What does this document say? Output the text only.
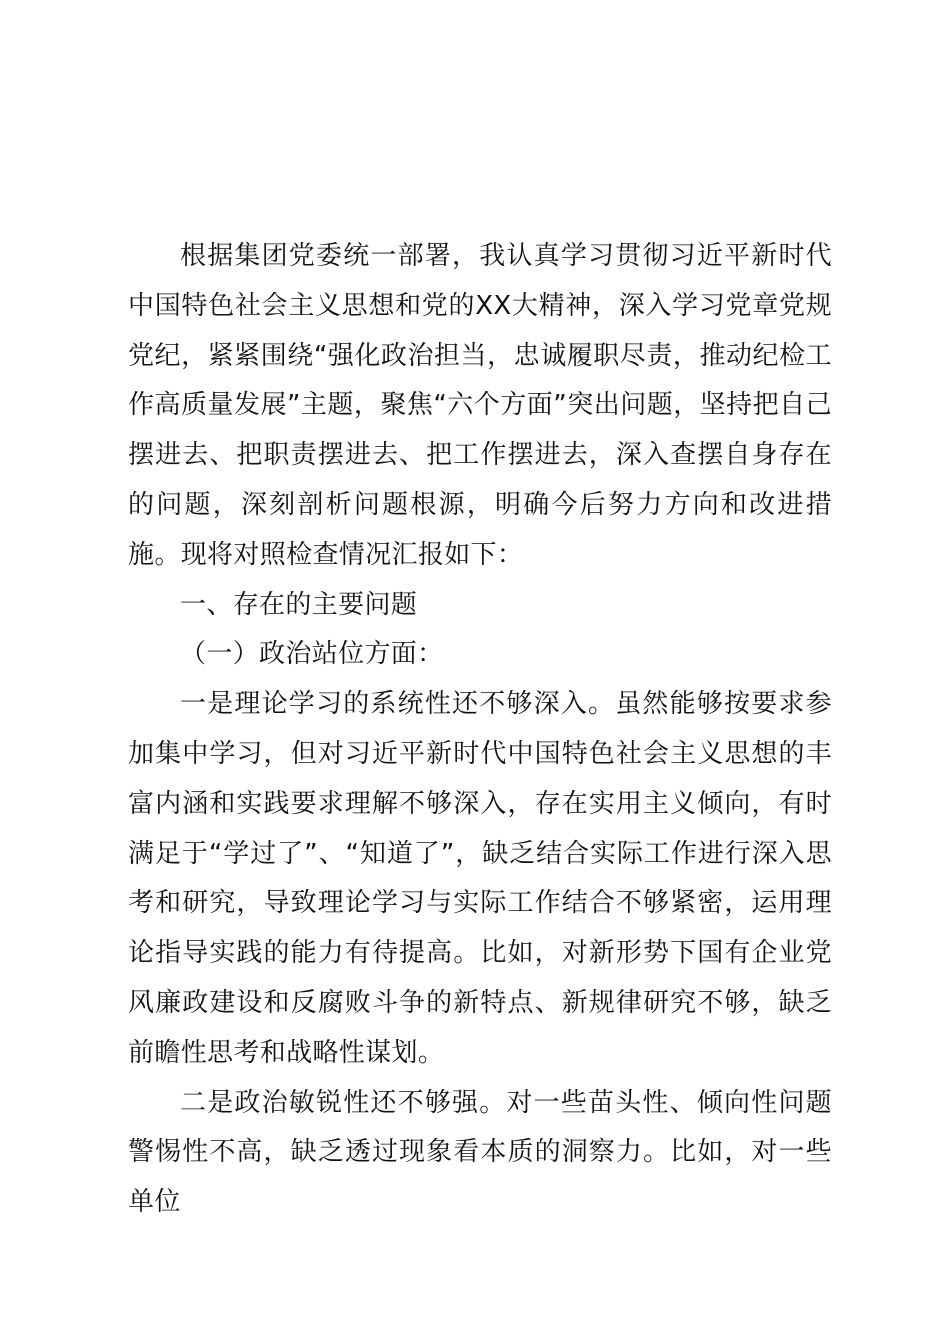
根据集团党委统一部署，我认真学习贯彻习近平新时代中国特色社会主义思想和党的XX大精神，深入学习党章党规党纪，紧紧围绕“强化政治担当，忠诚履职尽责，推动纪检工作高质量发展”主题，聚焦“六个方面”突出问题，坚持把自己摆进去、把职责摆进去、把工作摆进去，深入查摆自身存在的问题，深刻剖析问题根源，明确今后努力方向和改进措施。现将对照检查情况汇报如下：

一、存在的主要问题

（一）政治站位方面：

一是理论学习的系统性还不够深入。虽然能够按要求参加集中学习，但对习近平新时代中国特色社会主义思想的丰富内涵和实践要求理解不够深入，存在实用主义倾向，有时满足于“学过了”、“知道了”，缺乏结合实际工作进行深入思考和研究，导致理论学习与实际工作结合不够紧密，运用理论指导实践的能力有待提高。比如，对新形势下国有企业党风廉政建设和反腐败斗争的新特点、新规律研究不够，缺乏前瞻性思考和战略性谋划。

二是政治敏锐性还不够强。对一些苗头性、倾向性问题警惕性不高，缺乏透过现象看本质的洞察力。比如，对一些单位
